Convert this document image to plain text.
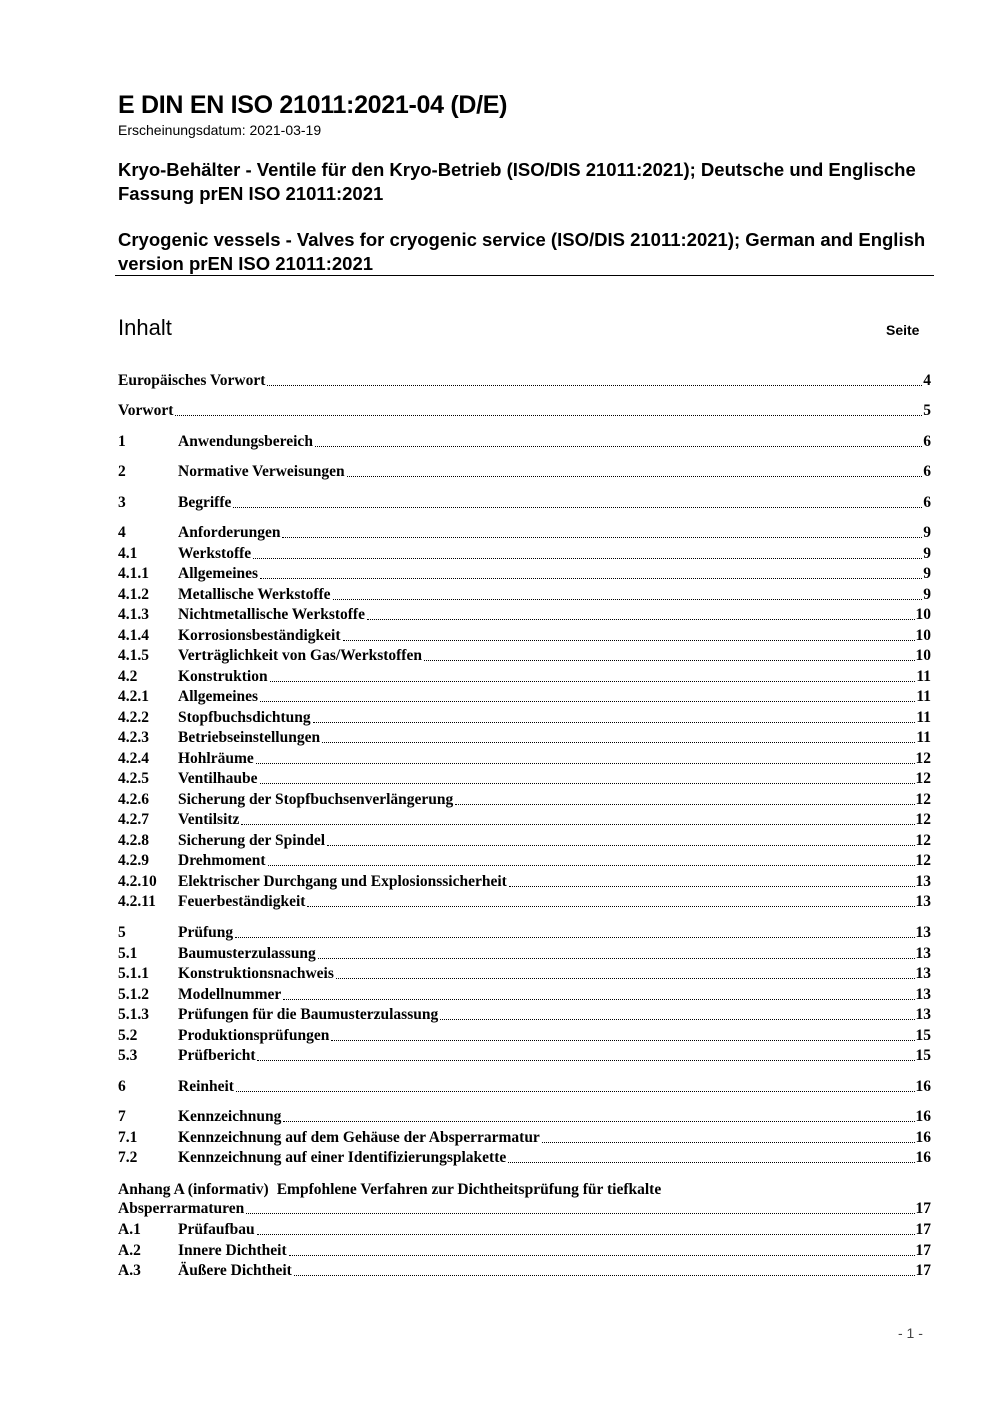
E DIN EN ISO 21011:2021-04 (D/E)
Erscheinungsdatum: 2021-03-19
Kryo-Behälter - Ventile für den Kryo-Betrieb (ISO/DIS 21011:2021); Deutsche und Englische Fassung prEN ISO 21011:2021
Cryogenic vessels - Valves for cryogenic service (ISO/DIS 21011:2021); German and English version prEN ISO 21011:2021
Inhalt	Seite
Europäisches Vorwort	4
Vorwort	5
1	Anwendungsbereich	6
2	Normative Verweisungen	6
3	Begriffe	6
4	Anforderungen	9
4.1	Werkstoffe	9
4.1.1	Allgemeines	9
4.1.2	Metallische Werkstoffe	9
4.1.3	Nichtmetallische Werkstoffe	10
4.1.4	Korrosionsbeständigkeit	10
4.1.5	Verträglichkeit von Gas/Werkstoffen	10
4.2	Konstruktion	11
4.2.1	Allgemeines	11
4.2.2	Stopfbuchsdichtung	11
4.2.3	Betriebseinstellungen	11
4.2.4	Hohlräume	12
4.2.5	Ventilhaube	12
4.2.6	Sicherung der Stopfbuchsenverlängerung	12
4.2.7	Ventilsitz	12
4.2.8	Sicherung der Spindel	12
4.2.9	Drehmoment	12
4.2.10	Elektrischer Durchgang und Explosionssicherheit	13
4.2.11	Feuerbeständigkeit	13
5	Prüfung	13
5.1	Baumusterzulassung	13
5.1.1	Konstruktionsnachweis	13
5.1.2	Modellnummer	13
5.1.3	Prüfungen für die Baumusterzulassung	13
5.2	Produktionsprüfungen	15
5.3	Prüfbericht	15
6	Reinheit	16
7	Kennzeichnung	16
7.1	Kennzeichnung auf dem Gehäuse der Absperrarmatur	16
7.2	Kennzeichnung auf einer Identifizierungsplakette	16
Anhang A (informativ) Empfohlene Verfahren zur Dichtheitsprüfung für tiefkalte
Absperrarmaturen	17
A.1	Prüfaufbau	17
A.2	Innere Dichtheit	17
A.3	Äußere Dichtheit	17
- 1 -
